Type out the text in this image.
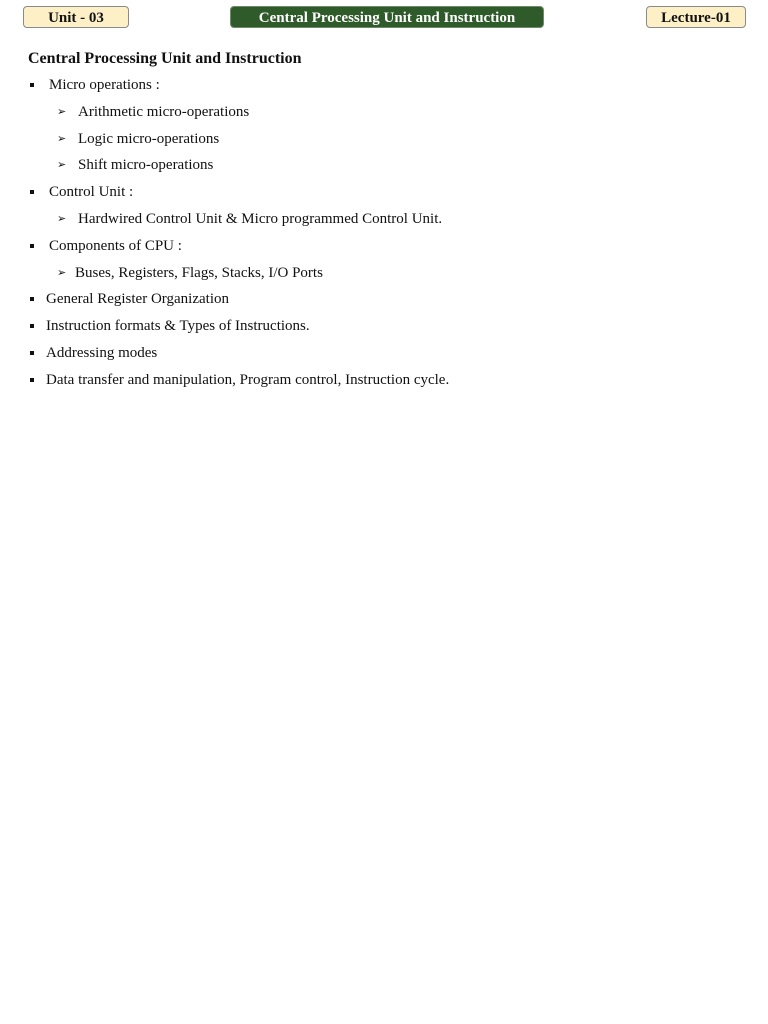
Unit - 03	Central Processing Unit and Instruction	Lecture-01
Central Processing Unit and Instruction
Micro operations :
➢ Arithmetic micro-operations
➢ Logic micro-operations
➢ Shift micro-operations
Control Unit :
➢ Hardwired Control Unit & Micro programmed Control Unit.
Components of CPU :
➢ Buses, Registers, Flags, Stacks, I/O Ports
General Register Organization
Instruction formats & Types of Instructions.
Addressing modes
Data transfer and manipulation, Program control, Instruction cycle.
